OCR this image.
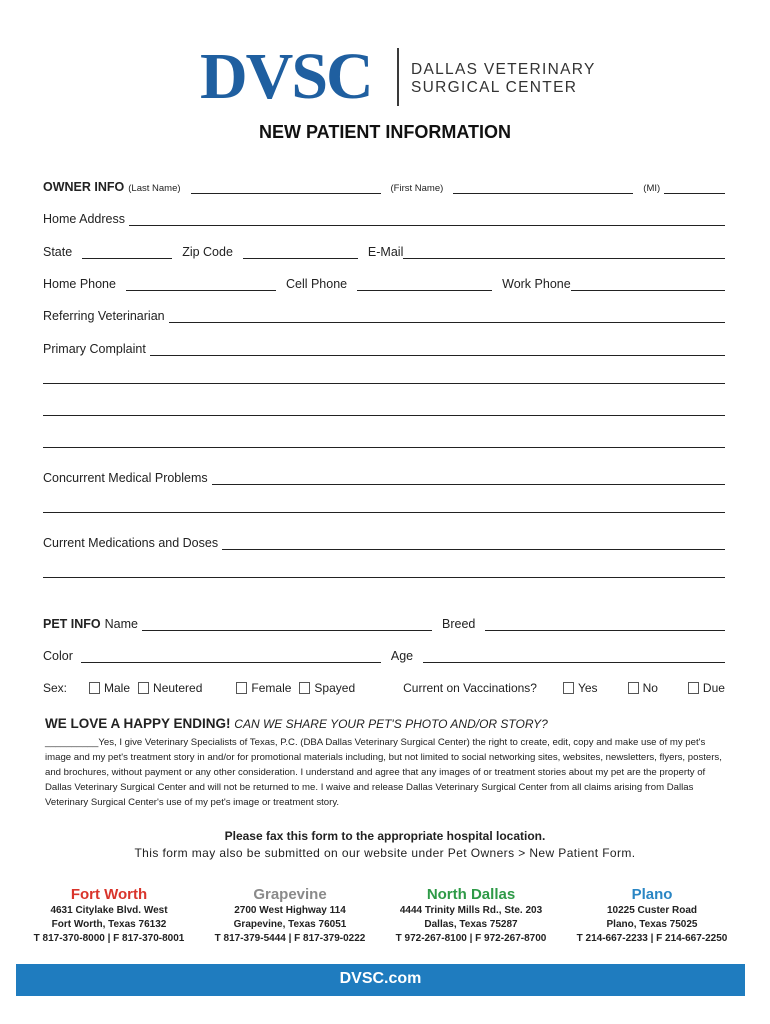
DVSC	DALLAS VETERINARY
SURGICAL CENTER
NEW PATIENT INFORMATION
OWNER INFO (Last Name)	(First Name)	(MI)
Home Address
State	Zip Code	E-Mail
Home Phone	Cell Phone	Work Phone
Referring Veterinarian
Primary Complaint
Concurrent Medical Problems
Current Medications and Doses
PET INFO Name	Breed
Color	Age
Sex:	Male Neutered	Female Spayed	Current on Vaccinations?	Yes	No	Due
WE LOVE A HAPPY ENDING! CAN WE SHARE YOUR PET'S PHOTO AND/OR STORY?
__________Yes, I give Veterinary Specialists of Texas, P.C. (DBA Dallas Veterinary Surgical Center) the right to create, edit, copy and make use of my pet's image and my pet's treatment story in and/or for promotional materials including, but not limited to social networking sites, websites, newsletters, flyers, posters, and brochures, without payment or any other consideration. I understand and agree that any images of or treatment stories about my pet are the property of Dallas Veterinary Surgical Center and will not be returned to me. I waive and release Dallas Veterinary Surgical Center from all claims arising from Dallas Veterinary Surgical Center's use of my pet's image or treatment story.
Please fax this form to the appropriate hospital location.
This form may also be submitted on our website under Pet Owners > New Patient Form.
Fort Worth
4631 Citylake Blvd. West
Fort Worth, Texas 76132
T 817-370-8000 | F 817-370-8001
Grapevine
2700 West Highway 114
Grapevine, Texas 76051
T 817-379-5444 | F 817-379-0222
North Dallas
4444 Trinity Mills Rd., Ste. 203
Dallas, Texas 75287
T 972-267-8100 | F 972-267-8700
Plano
10225 Custer Road
Plano, Texas 75025
T 214-667-2233 | F 214-667-2250
DVSC.com
